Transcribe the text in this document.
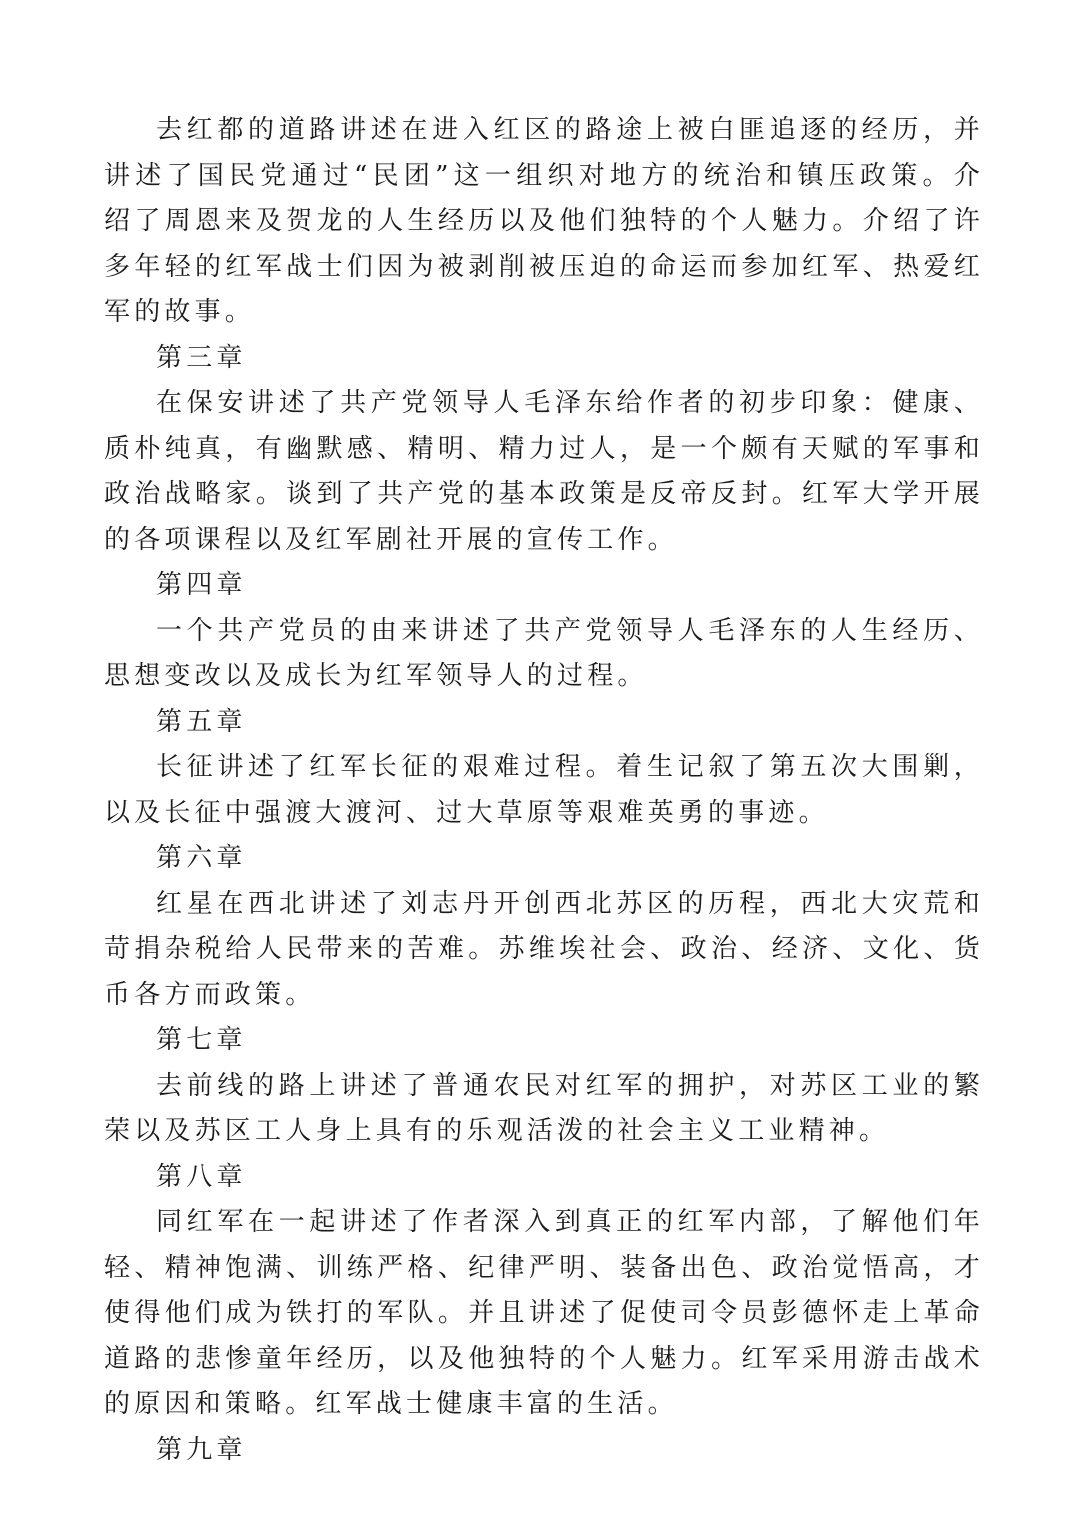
去红都的道路讲述在进入红区的路途上被白匪追逐的经历，并讲述了国民党通过“民团”这一组织对地方的统治和镇压政策。介绍了周恩来及贺龙的人生经历以及他们独特的个人魅力。介绍了许多年轻的红军战士们因为被剥削被压迫的命运而参加红军、热爱红军的故事。

第三章

在保安讲述了共产党领导人毛泽东给作者的初步印象：健康、质朴纯真，有幽默感、精明、精力过人，是一个颇有天赋的军事和政治战略家。谈到了共产党的基本政策是反帝反封。红军大学开展的各项课程以及红军剧社开展的宣传工作。

第四章

一个共产党员的由来讲述了共产党领导人毛泽东的人生经历、思想变改以及成长为红军领导人的过程。

第五章

长征讲述了红军长征的艰难过程。着生记叙了第五次大围剿，以及长征中强渡大渡河、过大草原等艰难英勇的事迹。

第六章

红星在西北讲述了刘志丹开创西北苏区的历程，西北大灾荒和苛捐杂税给人民带来的苦难。苏维埃社会、政治、经济、文化、货币各方而政策。

第七章

去前线的路上讲述了普通农民对红军的拥护，对苏区工业的繁荣以及苏区工人身上具有的乐观活泼的社会主义工业精神。

第八章

同红军在一起讲述了作者深入到真正的红军内部，了解他们年轻、精神饱满、训练严格、纪律严明、装备出色、政治觉悟高，才使得他们成为铁打的军队。并且讲述了促使司令员彭德怀走上革命道路的悲惨童年经历，以及他独特的个人魅力。红军采用游击战术的原因和策略。红军战士健康丰富的生活。

第九章
